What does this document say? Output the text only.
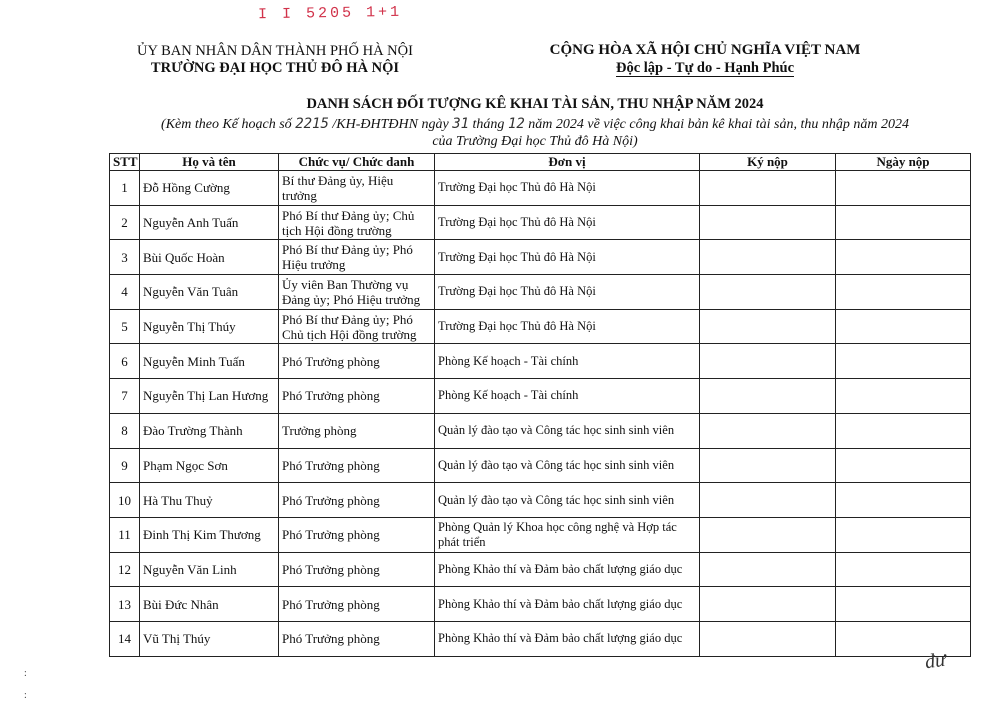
I I 5205 1+1
ỦY BAN NHÂN DÂN THÀNH PHỐ HÀ NỘI
TRƯỜNG ĐẠI HỌC THỦ ĐÔ HÀ NỘI
CỘNG HÒA XÃ HỘI CHỦ NGHĨA VIỆT NAM
Độc lập - Tự do - Hạnh Phúc
DANH SÁCH ĐỐI TƯỢNG KÊ KHAI TÀI SẢN, THU NHẬP NĂM 2024
(Kèm theo Kế hoạch số 2215 /KH-ĐHTĐHN ngày 31 tháng 12 năm 2024 về việc công khai bản kê khai tài sản, thu nhập năm 2024
của Trường Đại học Thủ đô Hà Nội)
STT	Họ và tên	Chức vụ/ Chức danh	Đơn vị	Ký nộp	Ngày nộp
1	Đỗ Hồng Cường	Bí thư Đảng ủy, Hiệu trưởng	Trường Đại học Thủ đô Hà Nội		
2	Nguyễn Anh Tuấn	Phó Bí thư Đảng ủy; Chủ tịch Hội đồng trường	Trường Đại học Thủ đô Hà Nội		
3	Bùi Quốc Hoàn	Phó Bí thư Đảng ủy; Phó Hiệu trưởng	Trường Đại học Thủ đô Hà Nội		
4	Nguyễn Văn Tuân	Ủy viên Ban Thường vụ Đảng ủy; Phó Hiệu trưởng	Trường Đại học Thủ đô Hà Nội		
5	Nguyễn Thị Thúy	Phó Bí thư Đảng ủy; Phó Chủ tịch Hội đồng trường	Trường Đại học Thủ đô Hà Nội		
6	Nguyễn Minh Tuấn	Phó Trưởng phòng	Phòng Kế hoạch - Tài chính		
7	Nguyễn Thị Lan Hương	Phó Trưởng phòng	Phòng Kế hoạch - Tài chính		
8	Đào Trường Thành	Trưởng phòng	Quản lý đào tạo và Công tác học sinh sinh viên		
9	Phạm Ngọc Sơn	Phó Trưởng phòng	Quản lý đào tạo và Công tác học sinh sinh viên		
10	Hà Thu Thuỷ	Phó Trưởng phòng	Quản lý đào tạo và Công tác học sinh sinh viên		
11	Đinh Thị Kim Thương	Phó Trưởng phòng	Phòng Quản lý Khoa học công nghệ và Hợp tác phát triển		
12	Nguyễn Văn Linh	Phó Trưởng phòng	Phòng Khảo thí và Đảm bảo chất lượng giáo dục		
13	Bùi Đức Nhân	Phó Trưởng phòng	Phòng Khảo thí và Đảm bảo chất lượng giáo dục		
14	Vũ Thị Thúy	Phó Trưởng phòng	Phòng Khảo thí và Đảm bảo chất lượng giáo dục		
đư
:
:
